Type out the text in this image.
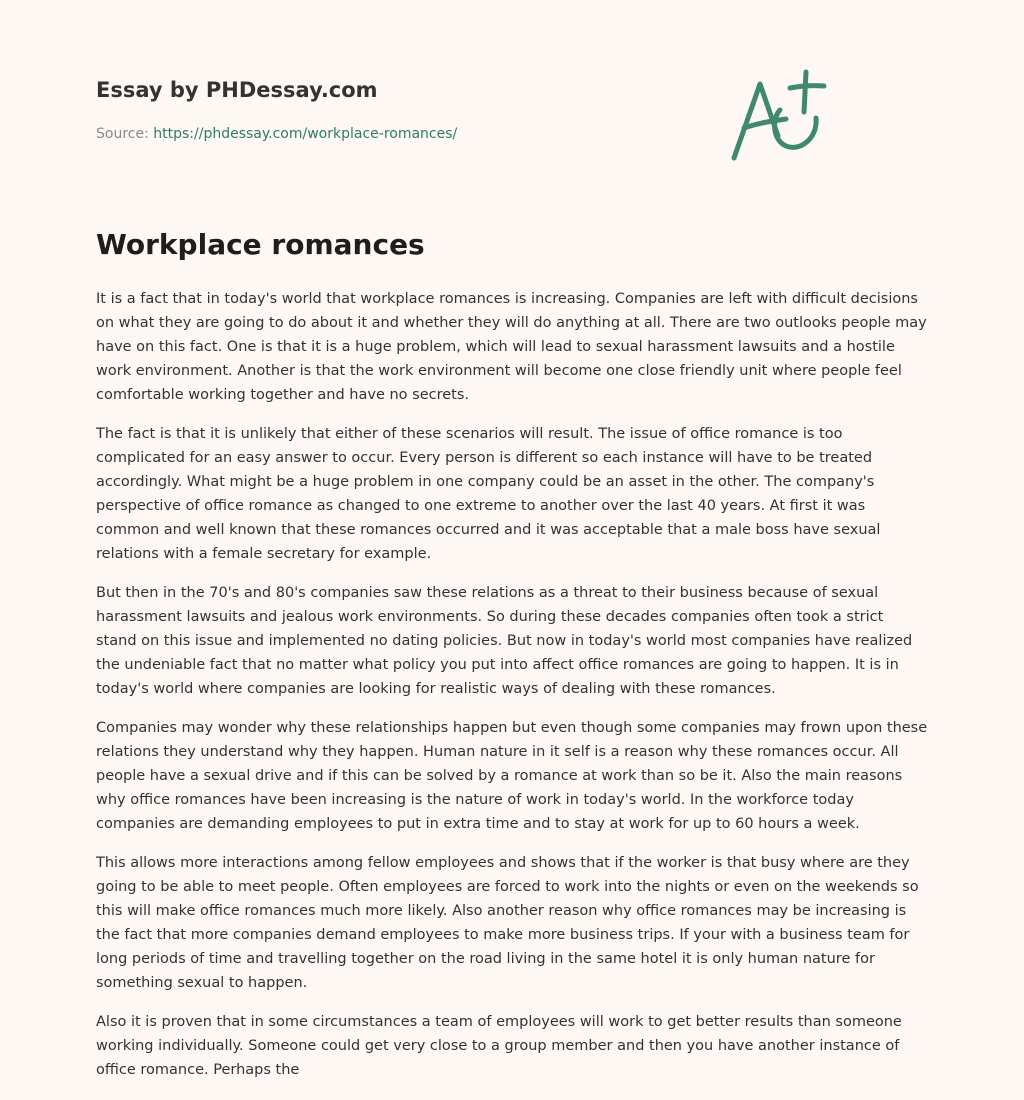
Essay by PHDessay.com
Source: https://phdessay.com/workplace-romances/
Workplace romances

It is a fact that in today's world that workplace romances is increasing. Companies are left with difficult decisions on what they are going to do about it and whether they will do anything at all. There are two outlooks people may have on this fact. One is that it is a huge problem, which will lead to sexual harassment lawsuits and a hostile work environment. Another is that the work environment will become one close friendly unit where people feel comfortable working together and have no secrets.

The fact is that it is unlikely that either of these scenarios will result. The issue of office romance is too complicated for an easy answer to occur. Every person is different so each instance will have to be treated accordingly. What might be a huge problem in one company could be an asset in the other. The company's perspective of office romance as changed to one extreme to another over the last 40 years. At first it was common and well known that these romances occurred and it was acceptable that a male boss have sexual relations with a female secretary for example.

But then in the 70's and 80's companies saw these relations as a threat to their business because of sexual harassment lawsuits and jealous work environments. So during these decades companies often took a strict stand on this issue and implemented no dating policies. But now in today's world most companies have realized the undeniable fact that no matter what policy you put into affect office romances are going to happen. It is in today's world where companies are looking for realistic ways of dealing with these romances.

Companies may wonder why these relationships happen but even though some companies may frown upon these relations they understand why they happen. Human nature in it self is a reason why these romances occur. All people have a sexual drive and if this can be solved by a romance at work than so be it. Also the main reasons why office romances have been increasing is the nature of work in today's world. In the workforce today companies are demanding employees to put in extra time and to stay at work for up to 60 hours a week.

This allows more interactions among fellow employees and shows that if the worker is that busy where are they going to be able to meet people. Often employees are forced to work into the nights or even on the weekends so this will make office romances much more likely. Also another reason why office romances may be increasing is the fact that more companies demand employees to make more business trips. If your with a business team for long periods of time and travelling together on the road living in the same hotel it is only human nature for something sexual to happen.

Also it is proven that in some circumstances a team of employees will work to get better results than someone working individually. Someone could get very close to a group member and then you have another instance of office romance. Perhaps the
